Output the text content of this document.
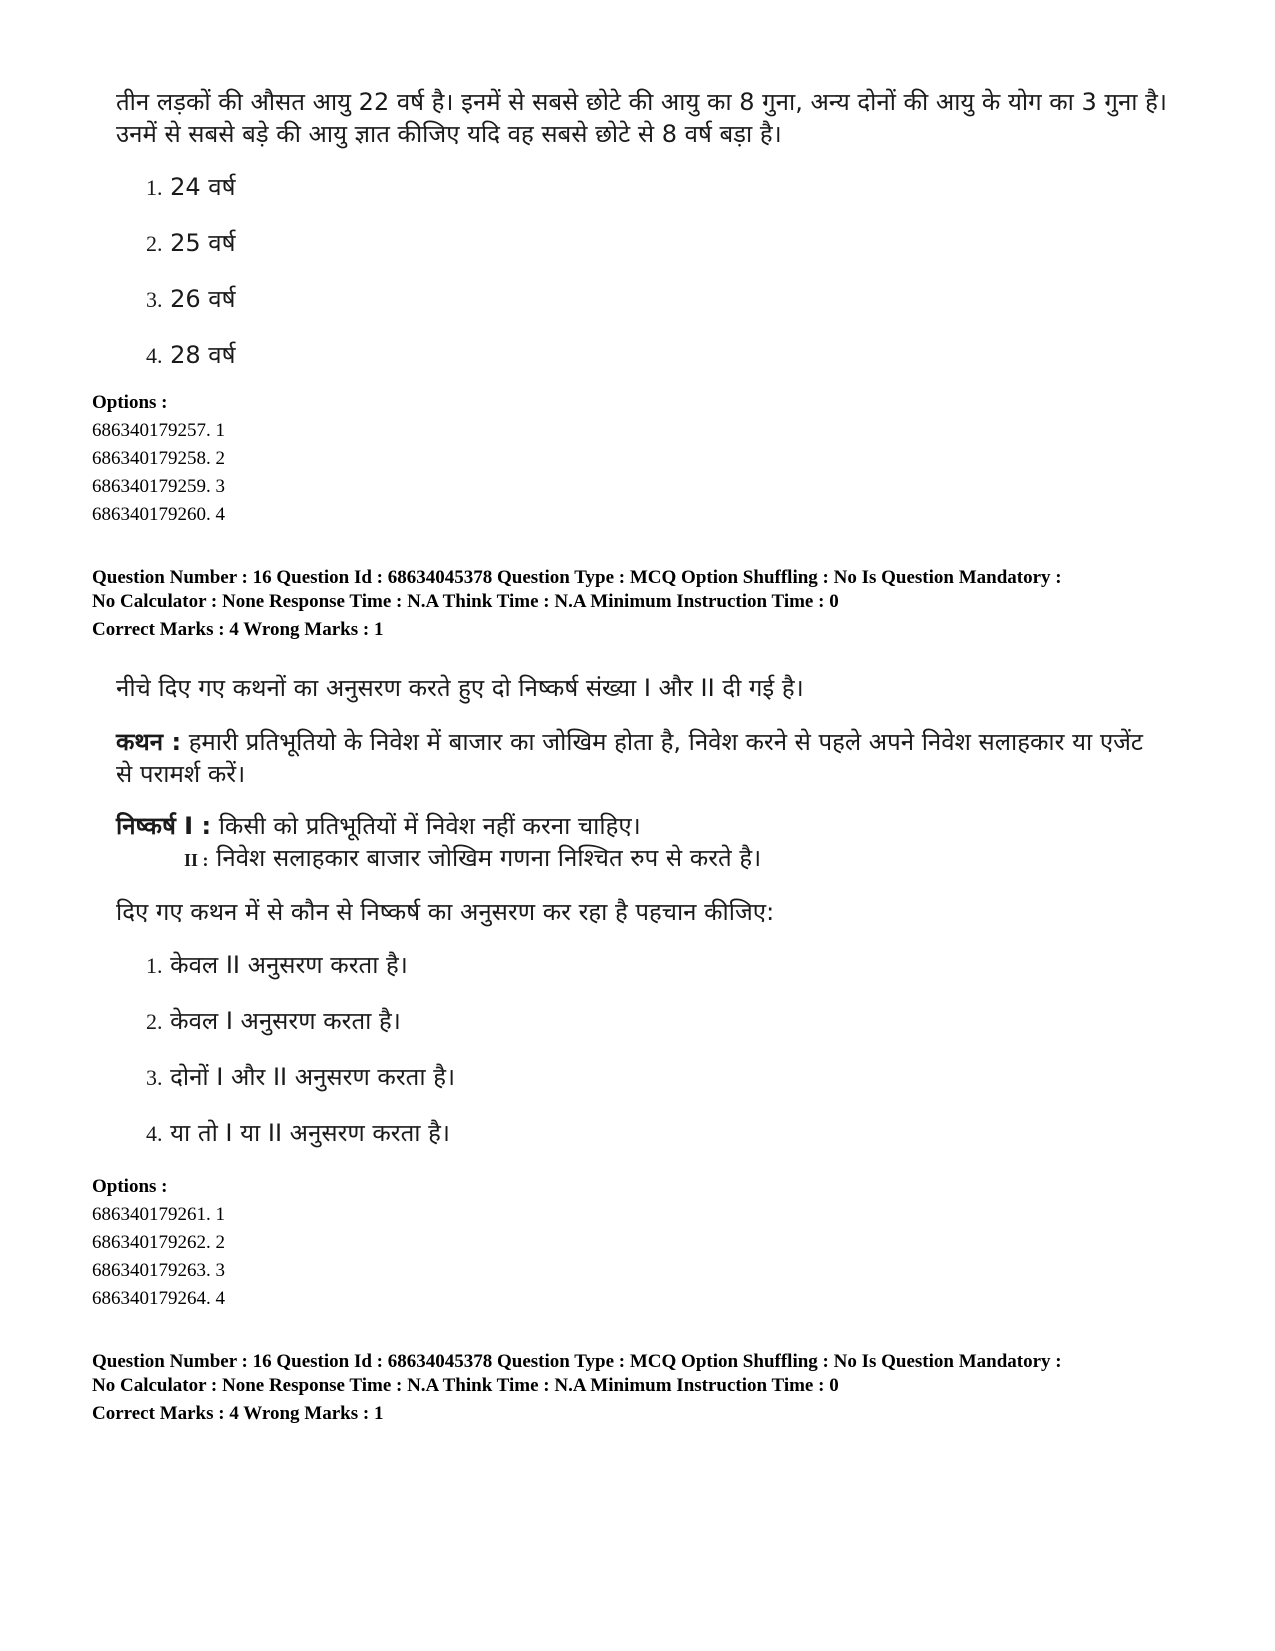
तीन लड़कों की औसत आयु 22 वर्ष है। इनमें से सबसे छोटे की आयु का 8 गुना, अन्य दोनों की आयु के योग का 3 गुना है।

उनमें से सबसे बड़े की आयु ज्ञात कीजिए यदि वह सबसे छोटे से 8 वर्ष बड़ा है।

1. 24 वर्ष

2. 25 वर्ष

3. 26 वर्ष

4. 28 वर्ष

Options :

686340179257. 1

686340179258. 2

686340179259. 3

686340179260. 4

Question Number : 16 Question Id : 68634045378 Question Type : MCQ Option Shuffling : No Is Question Mandatory :

No Calculator : None Response Time : N.A Think Time : N.A Minimum Instruction Time : 0

Correct Marks : 4 Wrong Marks : 1

नीचे दिए गए कथनों का अनुसरण करते हुए दो निष्कर्ष संख्या I और II दी गई है।

कथन : हमारी प्रतिभूतियो के निवेश में बाजार का जोखिम होता है, निवेश करने से पहले अपने निवेश सलाहकार या एजेंट

से परामर्श करें।

निष्कर्ष I : किसी को प्रतिभूतियों में निवेश नहीं करना चाहिए।

II : निवेश सलाहकार बाजार जोखिम गणना निश्चित रुप से करते है।

दिए गए कथन में से कौन से निष्कर्ष का अनुसरण कर रहा है पहचान कीजिए:

1. केवल II अनुसरण करता है।

2. केवल I अनुसरण करता है।

3. दोनों I और II अनुसरण करता है।

4. या तो I या II अनुसरण करता है।

Options :

686340179261. 1

686340179262. 2

686340179263. 3

686340179264. 4

Question Number : 16 Question Id : 68634045378 Question Type : MCQ Option Shuffling : No Is Question Mandatory :

No Calculator : None Response Time : N.A Think Time : N.A Minimum Instruction Time : 0

Correct Marks : 4 Wrong Marks : 1
